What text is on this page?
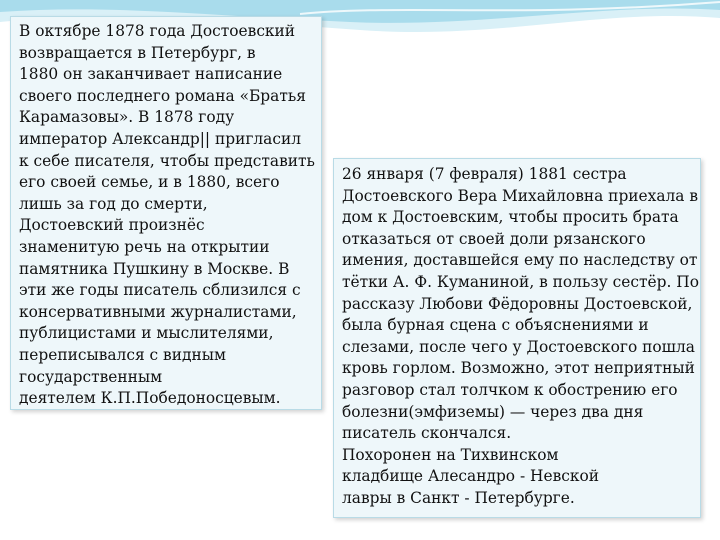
В октябре 1878 года Достоевский
возвращается в Петербург, в
1880 он заканчивает написание
своего последнего романа «Братья
Карамазовы». В 1878 году
император Александр|| пригласил
к себе писателя, чтобы представить
его своей семье, и в 1880, всего
лишь за год до смерти,
Достоевский произнёс
знаменитую речь на открытии
памятника Пушкину в Москве. В
эти же годы писатель сблизился с
консервативными журналистами,
публицистами и мыслителями,
переписывался с видным
государственным
деятелем К.П.Победоносцевым.
26 января (7 февраля) 1881 сестра
Достоевского Вера Михайловна приехала в
дом к Достоевским, чтобы просить брата
отказаться от своей доли рязанского
имения, доставшейся ему по наследству от
тётки А. Ф. Куманиной, в пользу сестёр. По
рассказу Любови Фёдоровны Достоевской,
была бурная сцена с объяснениями и
слезами, после чего у Достоевского пошла
кровь горлом. Возможно, этот неприятный
разговор стал толчком к обострению его
болезни(эмфиземы) — через два дня
писатель скончался.
Похоронен на Тихвинском
кладбище Алесандро - Невской
лавры в Санкт - Петербурге.
